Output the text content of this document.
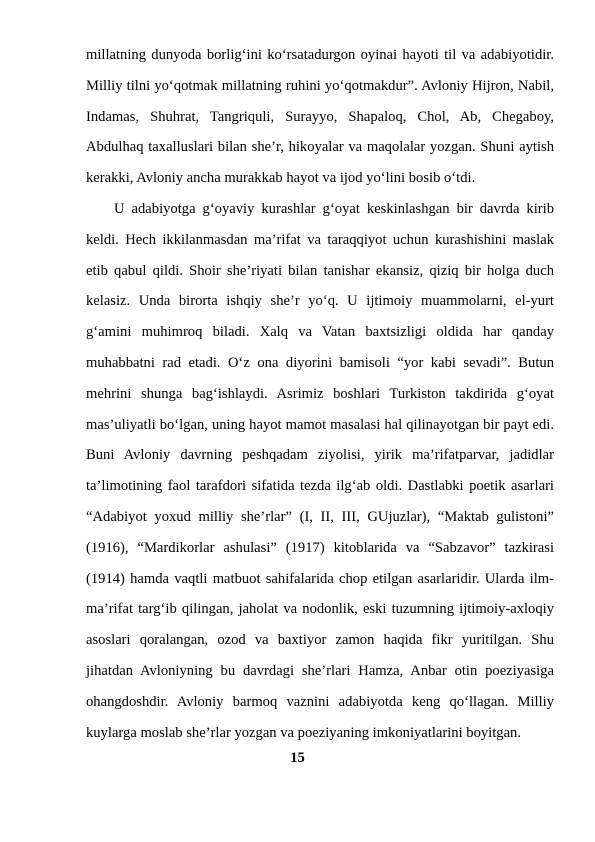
millatning dunyoda borlig‘ini ko‘rsatadurgon oyinai hayoti til va adabiyotidir. Milliy tilni yo‘qotmak millatning ruhini yo‘qotmakdur”. Avloniy Hijron, Nabil, Indamas, Shuhrat, Tangriquli, Surayyo, Shapaloq, Chol, Ab, Chegaboy, Abdulhaq taxalluslari bilan she’r, hikoyalar va maqolalar yozgan. Shuni aytish kerakki, Avloniy ancha murakkab hayot va ijod yo‘lini bosib o‘tdi.

U adabiyotga g‘oyaviy kurashlar g‘oyat keskinlashgan bir davrda kirib keldi. Hech ikkilanmasdan ma’rifat va taraqqiyot uchun kurashishini maslak etib qabul qildi. Shoir she’riyati bilan tanishar ekansiz, qiziq bir holga duch kelasiz. Unda birorta ishqiy she’r yo‘q. U ijtimoiy muammolarni, el-yurt g‘amini muhimroq biladi. Xalq va Vatan baxtsizligi oldida har qanday muhabbatni rad etadi. O‘z ona diyorini bamisoli “yor kabi sevadi”. Butun mehrini shunga bag‘ishlaydi. Asrimiz boshlari Turkiston takdirida g‘oyat mas’uliyatli bo‘lgan, uning hayot mamot masalasi hal qilinayotgan bir payt edi. Buni Avloniy davrning peshqadam ziyolisi, yirik ma’rifatparvar, jadidlar ta’limotining faol tarafdori sifatida tezda ilg‘ab oldi. Dastlabki poetik asarlari “Adabiyot yoxud milliy she’rlar” (I, II, III, GUjuzlar), “Maktab gulistoni” (1916), “Mardikorlar ashulasi” (1917) kitoblarida va “Sabzavor” tazkirasi (1914) hamda vaqtli matbuot sahifalarida chop etilgan asarlaridir. Ularda ilm-ma’rifat targ‘ib qilingan, jaholat va nodonlik, eski tuzumning ijtimoiy-axloqiy asoslari qoralangan, ozod va baxtiyor zamon haqida fikr yuritilgan. Shu jihatdan Avloniyning bu davrdagi she’rlari Hamza, Anbar otin poeziyasiga ohangdoshdir. Avloniy barmoq vaznini adabiyotda keng qo‘llagan. Milliy kuylarga moslab she’rlar yozgan va poeziyaning imkoniyatlarini boyitgan.

15
